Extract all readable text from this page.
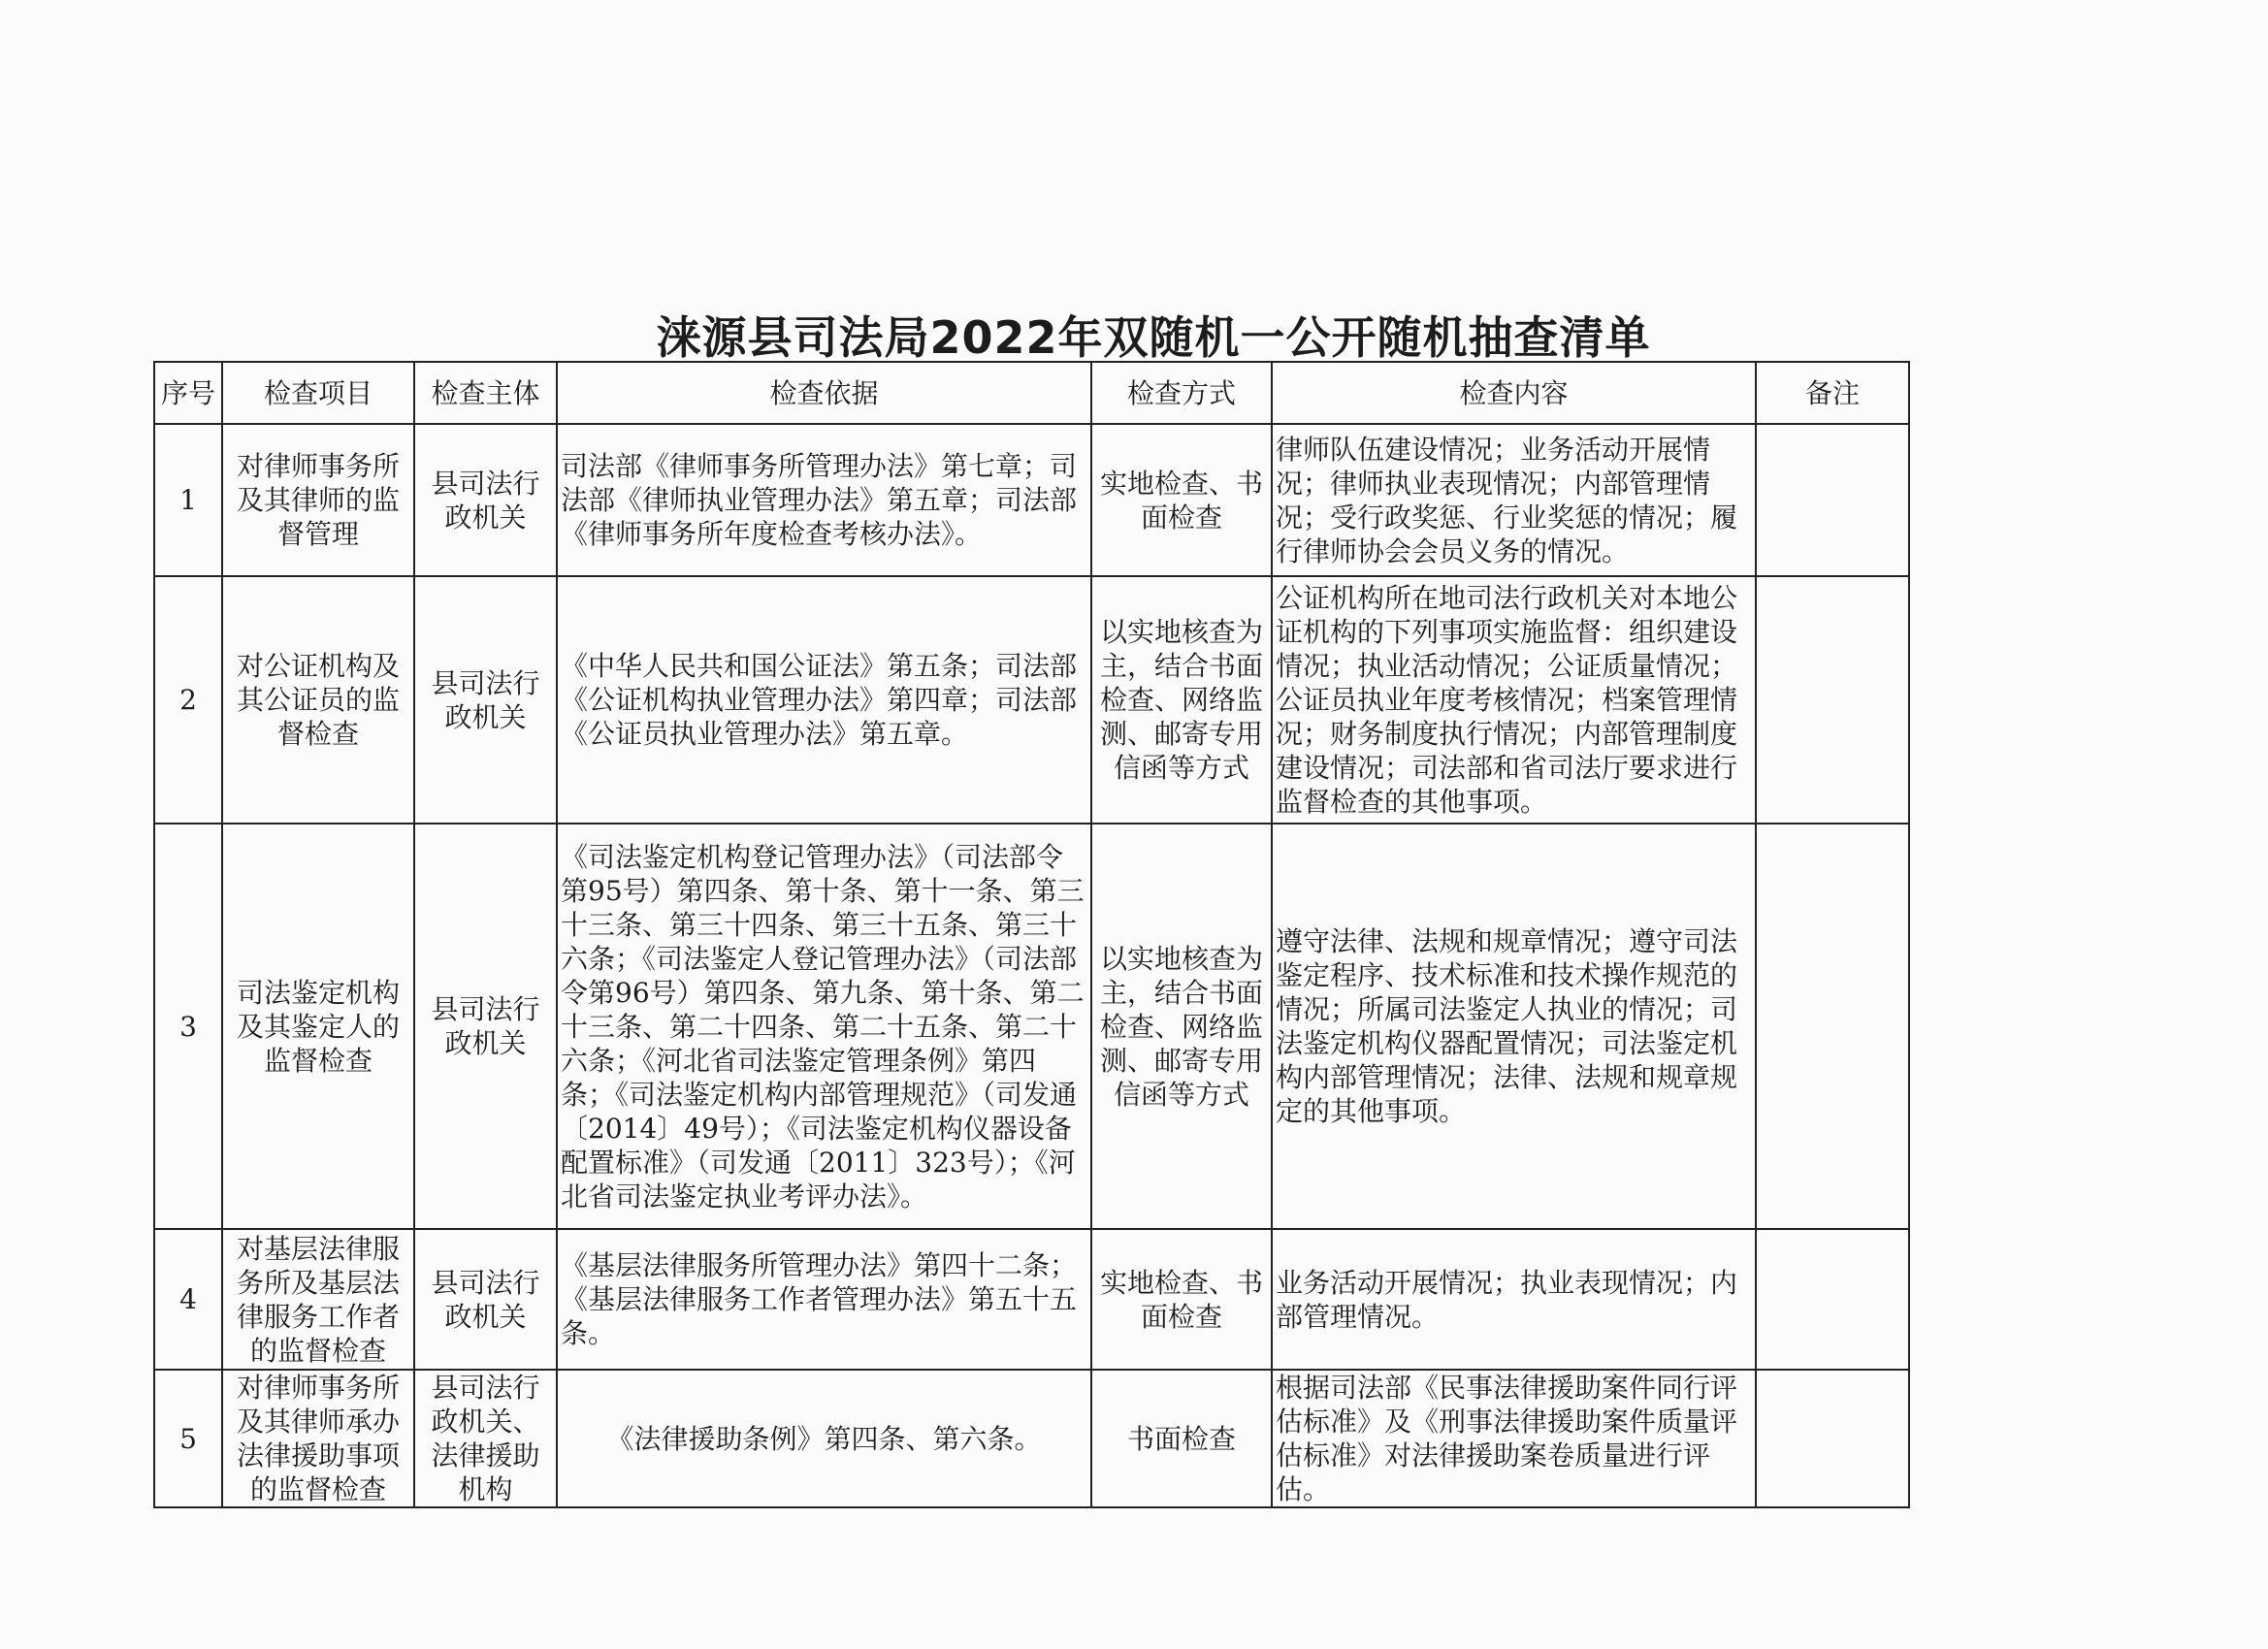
涞源县司法局2022年双随机一公开随机抽查清单
序号	检查项目	检查主体	检查依据	检查方式	检查内容	备注
1	对律师事务所及其律师的监督管理	县司法行政机关	司法部《律师事务所管理办法》第七章；司法部《律师执业管理办法》第五章；司法部《律师事务所年度检查考核办法》。	实地检查、书面检查	律师队伍建设情况；业务活动开展情况；律师执业表现情况；内部管理情况；受行政奖惩、行业奖惩的情况；履行律师协会会员义务的情况。	
2	对公证机构及其公证员的监督检查	县司法行政机关	《中华人民共和国公证法》第五条；司法部《公证机构执业管理办法》第四章；司法部《公证员执业管理办法》第五章。	以实地核查为主，结合书面检查、网络监测、邮寄专用信函等方式	公证机构所在地司法行政机关对本地公证机构的下列事项实施监督：组织建设情况；执业活动情况；公证质量情况；公证员执业年度考核情况；档案管理情况；财务制度执行情况；内部管理制度建设情况；司法部和省司法厅要求进行监督检查的其他事项。	
3	司法鉴定机构及其鉴定人的监督检查	县司法行政机关	《司法鉴定机构登记管理办法》（司法部令第95号）第四条、第十条、第十一条、第三十三条、第三十四条、第三十五条、第三十六条；《司法鉴定人登记管理办法》（司法部令第96号）第四条、第九条、第十条、第二十三条、第二十四条、第二十五条、第二十六条；《河北省司法鉴定管理条例》第四条；《司法鉴定机构内部管理规范》（司发通〔2014〕49号）；《司法鉴定机构仪器设备配置标准》（司发通〔2011〕323号）；《河北省司法鉴定执业考评办法》。	以实地核查为主，结合书面检查、网络监测、邮寄专用信函等方式	遵守法律、法规和规章情况；遵守司法鉴定程序、技术标准和技术操作规范的情况；所属司法鉴定人执业的情况；司法鉴定机构仪器配置情况；司法鉴定机构内部管理情况；法律、法规和规章规定的其他事项。	
4	对基层法律服务所及基层法律服务工作者的监督检查	县司法行政机关	《基层法律服务所管理办法》第四十二条；《基层法律服务工作者管理办法》第五十五条。	实地检查、书面检查	业务活动开展情况；执业表现情况；内部管理情况。	
5	对律师事务所及其律师承办法律援助事项的监督检查	县司法行政机关、法律援助机构	《法律援助条例》第四条、第六条。	书面检查	根据司法部《民事法律援助案件同行评估标准》及《刑事法律援助案件质量评估标准》对法律援助案卷质量进行评估。	
